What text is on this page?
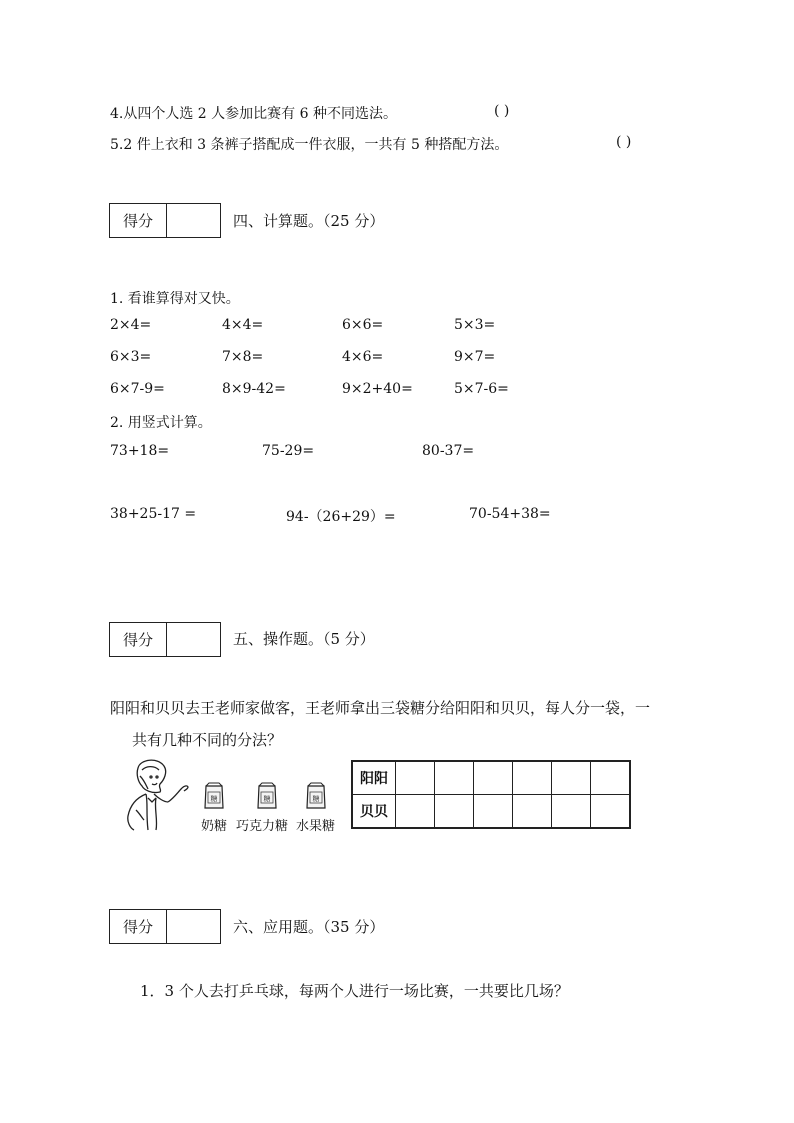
4.从四个人选 2 人参加比赛有 6 种不同选法。	( )
5.2 件上衣和 3 条裤子搭配成一件衣服，一共有 5 种搭配方法。	( )
得分	四、计算题。（25 分）
1. 看谁算得对又快。
2×4=	4×4=	6×6=	5×3=
6×3=	7×8=	4×6=	9×7=
6×7-9=	8×9-42=	9×2+40=	5×7-6=
2. 用竖式计算。
73+18=	75-29=	80-37=
38+25-17 =	94-（26+29）=	70-54+38=
得分	五、操作题。（5 分）
阳阳和贝贝去王老师家做客，王老师拿出三袋糖分给阳阳和贝贝，每人分一袋，一
共有几种不同的分法？
糖	糖	糖
奶糖 巧克力糖 水果糖
阳阳						
贝贝						
得分	六、应用题。（35 分）
1．3 个人去打乒乓球，每两个人进行一场比赛，一共要比几场？
